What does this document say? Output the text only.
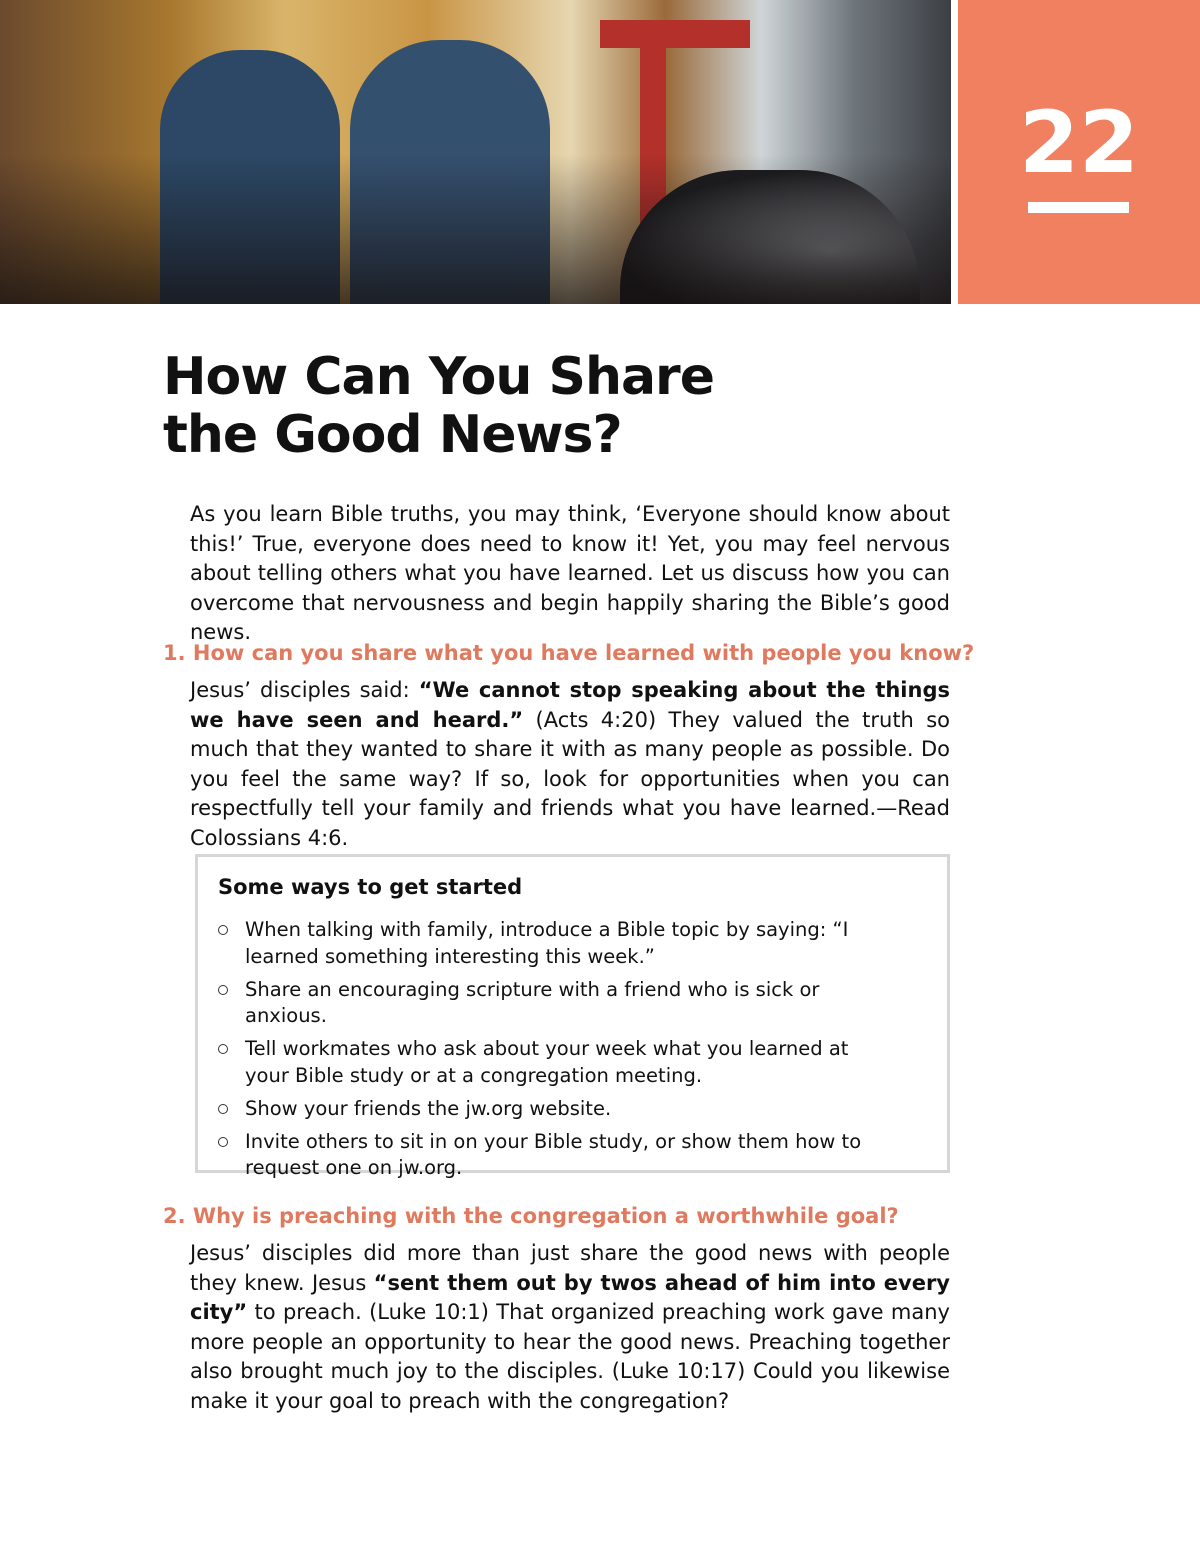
22
How Can You Share
the Good News?

As you learn Bible truths, you may think, ‘Everyone should know about this!’ True, everyone does need to know it! Yet, you may feel nervous about telling others what you have learned. Let us discuss how you can overcome that nervousness and begin happily sharing the Bible’s good news.

1. How can you share what you have learned with people you know?

Jesus’ disciples said: “We cannot stop speaking about the things we have seen and heard.” (Acts 4:20) They valued the truth so much that they wanted to share it with as many people as possible. Do you feel the same way? If so, look for opportunities when you can respectfully tell your family and friends what you have learned.—Read Colossians 4:6.

Some ways to get started
When talking with family, introduce a Bible topic by saying: “I learned something interesting this week.”
Share an encouraging scripture with a friend who is sick or anxious.
Tell workmates who ask about your week what you learned at your Bible study or at a congregation meeting.
Show your friends the jw.org website.
Invite others to sit in on your Bible study, or show them how to request one on jw.org.
2. Why is preaching with the congregation a worthwhile goal?

Jesus’ disciples did more than just share the good news with people they knew. Jesus “sent them out by twos ahead of him into every city” to preach. (Luke 10:1) That organized preaching work gave many more people an opportunity to hear the good news. Preaching together also brought much joy to the disciples. (Luke 10:17) Could you likewise make it your goal to preach with the congregation?
